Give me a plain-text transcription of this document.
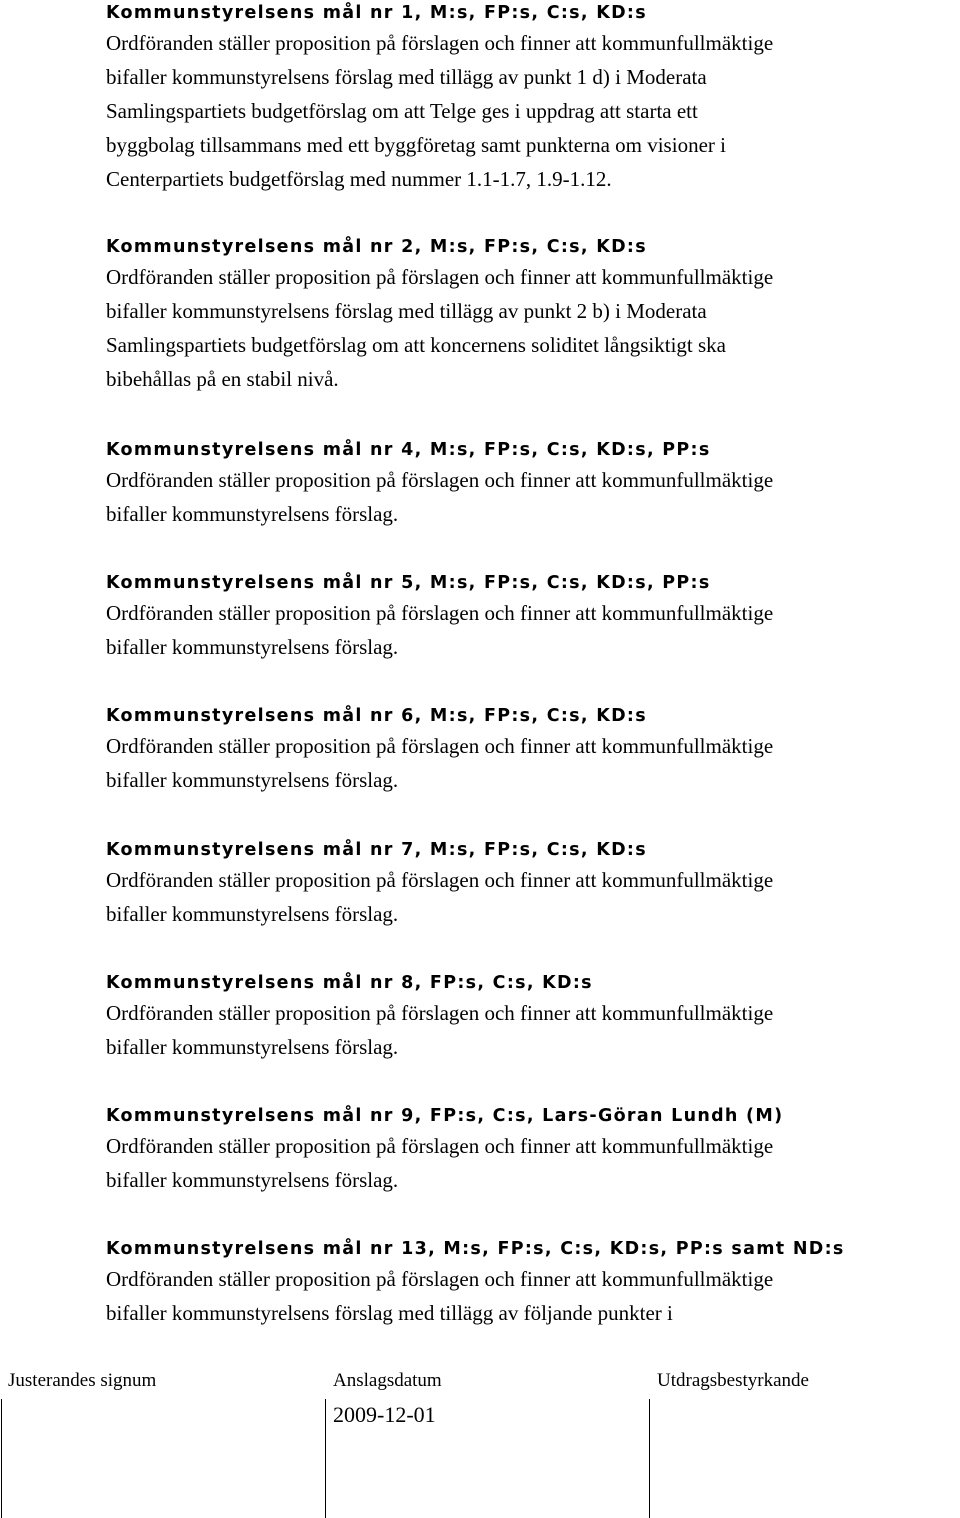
Kommunstyrelsens mål nr 1, M:s, FP:s, C:s, KD:s

Ordföranden ställer proposition på förslagen och finner att kommunfullmäktige

bifaller kommunstyrelsens förslag med tillägg av punkt 1 d) i Moderata

Samlingspartiets budgetförslag om att Telge ges i uppdrag att starta ett

byggbolag tillsammans med ett byggföretag samt punkterna om visioner i

Centerpartiets budgetförslag med nummer 1.1-1.7, 1.9-1.12.

Kommunstyrelsens mål nr 2, M:s, FP:s, C:s, KD:s

Ordföranden ställer proposition på förslagen och finner att kommunfullmäktige

bifaller kommunstyrelsens förslag med tillägg av punkt 2 b) i Moderata

Samlingspartiets budgetförslag om att koncernens soliditet långsiktigt ska

bibehållas på en stabil nivå.

Kommunstyrelsens mål nr 4, M:s, FP:s, C:s, KD:s, PP:s

Ordföranden ställer proposition på förslagen och finner att kommunfullmäktige

bifaller kommunstyrelsens förslag.

Kommunstyrelsens mål nr 5, M:s, FP:s, C:s, KD:s, PP:s

Ordföranden ställer proposition på förslagen och finner att kommunfullmäktige

bifaller kommunstyrelsens förslag.

Kommunstyrelsens mål nr 6, M:s, FP:s, C:s, KD:s

Ordföranden ställer proposition på förslagen och finner att kommunfullmäktige

bifaller kommunstyrelsens förslag.

Kommunstyrelsens mål nr 7, M:s, FP:s, C:s, KD:s

Ordföranden ställer proposition på förslagen och finner att kommunfullmäktige

bifaller kommunstyrelsens förslag.

Kommunstyrelsens mål nr 8, FP:s, C:s, KD:s

Ordföranden ställer proposition på förslagen och finner att kommunfullmäktige

bifaller kommunstyrelsens förslag.

Kommunstyrelsens mål nr 9, FP:s, C:s, Lars-Göran Lundh (M)

Ordföranden ställer proposition på förslagen och finner att kommunfullmäktige

bifaller kommunstyrelsens förslag.

Kommunstyrelsens mål nr 13, M:s, FP:s, C:s, KD:s, PP:s samt ND:s

Ordföranden ställer proposition på förslagen och finner att kommunfullmäktige

bifaller kommunstyrelsens förslag med tillägg av följande punkter i

Justerandes signum	Anslagsdatum	Utdragsbestyrkande
2009-12-01
